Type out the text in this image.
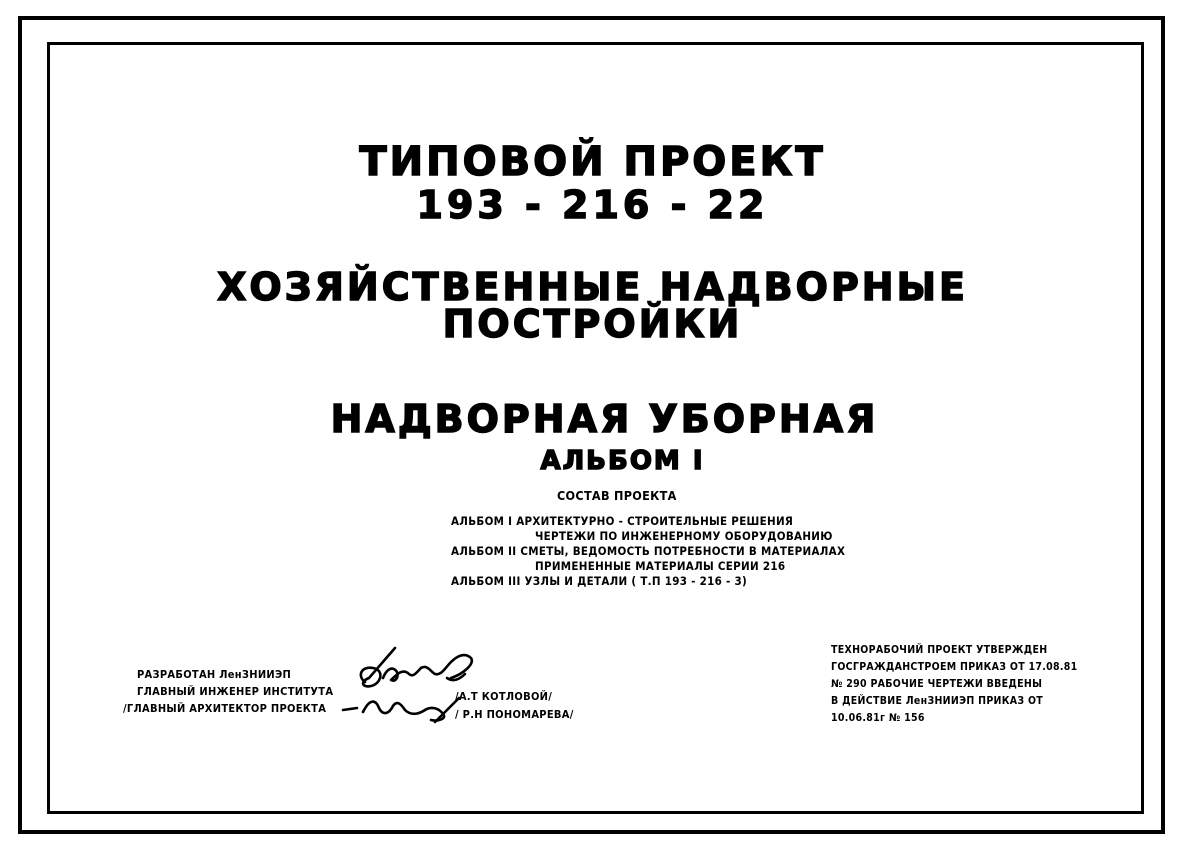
ТИПОВОЙ ПРОЕКТ
193 - 216 - 22
ХОЗЯЙСТВЕННЫЕ НАДВОРНЫЕ
ПОСТРОЙКИ
НАДВОРНАЯ УБОРНАЯ
АЛЬБОМ I
СОСТАВ ПРОЕКТА
АЛЬБОМ I АРХИТЕКТУРНО - СТРОИТЕЛЬНЫЕ РЕШЕНИЯ
ЧЕРТЕЖИ ПО ИНЖЕНЕРНОМУ ОБОРУДОВАНИЮ
АЛЬБОМ II СМЕТЫ, ВЕДОМОСТЬ ПОТРЕБНОСТИ В МАТЕРИАЛАХ
ПРИМЕНЕННЫЕ МАТЕРИАЛЫ СЕРИИ 216
АЛЬБОМ III УЗЛЫ И ДЕТАЛИ ( Т.П 193 - 216 - 3)
РАЗРАБОТАН ЛенЗНИИЭП
ГЛАВНЫЙ ИНЖЕНЕР ИНСТИТУТА
/ГЛАВНЫЙ АРХИТЕКТОР ПРОЕКТА
/А.Т КОТЛОВОЙ/
/ Р.Н ПОНОМАРЕВА/
ТЕХНОРАБОЧИЙ ПРОЕКТ УТВЕРЖДЕН
ГОСГРАЖДАНСТРОЕМ ПРИКАЗ ОТ 17.08.81
№ 290 РАБОЧИЕ ЧЕРТЕЖИ ВВЕДЕНЫ
В ДЕЙСТВИЕ ЛенЗНИИЭП ПРИКАЗ ОТ
10.06.81г № 156
